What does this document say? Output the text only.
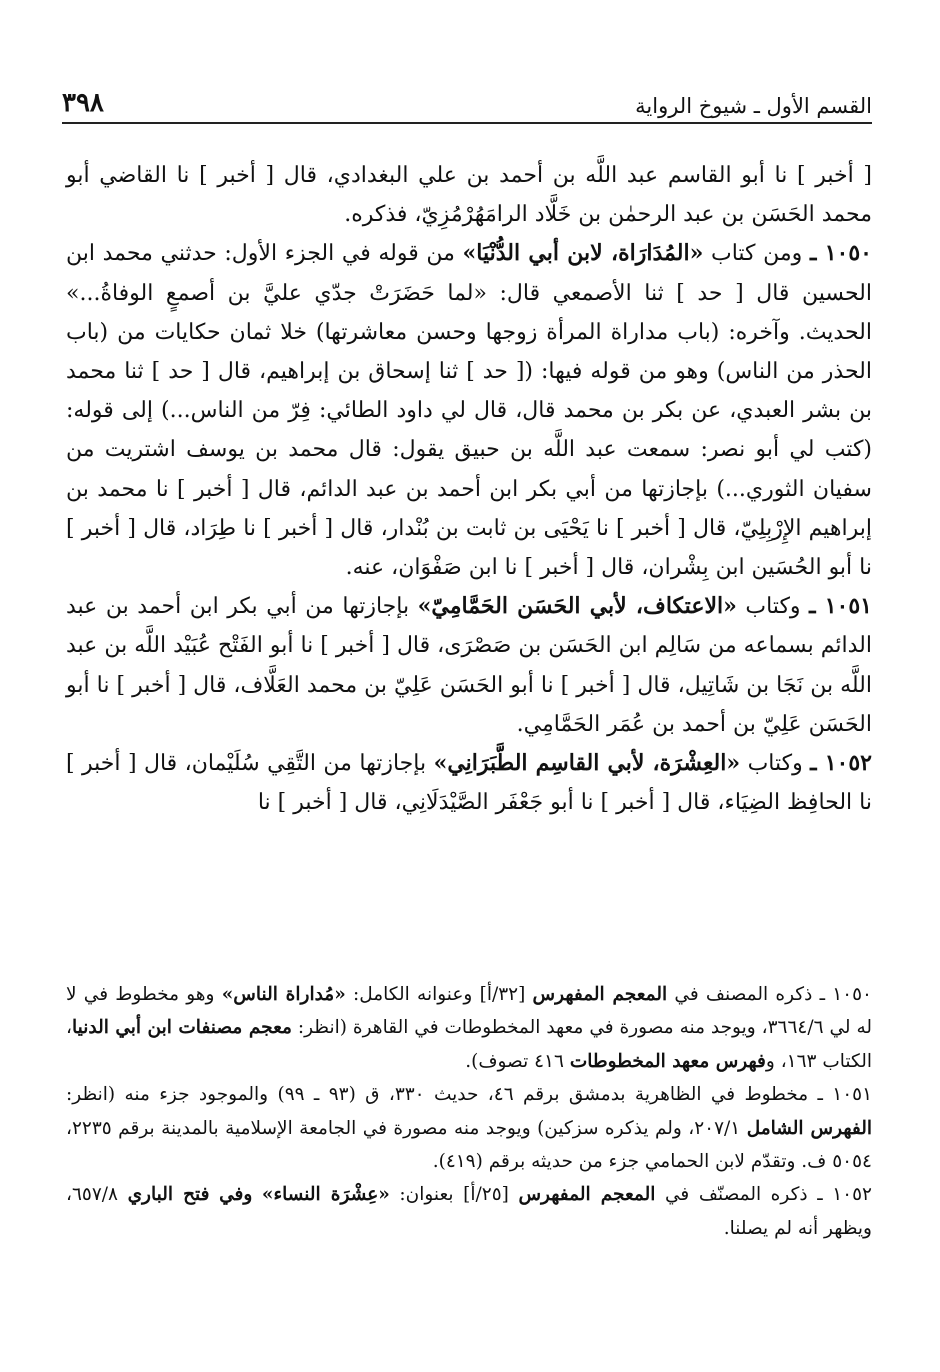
القسم الأول ـ شيوخ الرواية
٣٩٨

[ أخبر ] نا أبو القاسم عبد اللَّه بن أحمد بن علي البغدادي، قال [ أخبر ] نا القاضي أبو محمد الحَسَن بن عبد الرحمٰن بن خَلَّاد الرامَهُرْمُزِيّ، فذكره.

١٠٥٠ ـ ومن كتاب «المُدَارَاة، لابن أبي الدُّنْيَا» من قوله في الجزء الأول: حدثني محمد ابن الحسين قال [ حد ] ثنا الأصمعي قال: «لما حَضَرَتْ جدّي عليَّ بن أصمعٍ الوفاةُ...» الحديث. وآخره: (باب مداراة المرأة زوجها وحسن معاشرتها) خلا ثمان حكايات من (باب الحذر من الناس) وهو من قوله فيها: ([ حد ] ثنا إسحاق بن إبراهيم، قال [ حد ] ثنا محمد بن بشر العبدي، عن بكر بن محمد قال، قال لي داود الطائي: فِرّ من الناس...) إلى قوله: (كتب لي أبو نصر: سمعت عبد اللَّه بن حبيق يقول: قال محمد بن يوسف اشتريت من سفيان الثوري...) بإجازتها من أبي بكر ابن أحمد بن عبد الدائم، قال [ أخبر ] نا محمد بن إبراهيم الإِرْبِلِيّ، قال [ أخبر ] نا يَحْيَى بن ثابت بن بُنْدار، قال [ أخبر ] نا طِرَاد، قال [ أخبر ] نا أبو الحُسَين ابن بِشْران، قال [ أخبر ] نا ابن صَفْوَان، عنه.

١٠٥١ ـ وكتاب «الاعتكاف، لأبي الحَسَن الحَمَّامِيّ» بإجازتها من أبي بكر ابن أحمد بن عبد الدائم بسماعه من سَالِم ابن الحَسَن بن صَصْرَى، قال [ أخبر ] نا أبو الفَتْح عُبَيْد اللَّه بن عبد اللَّه بن نَجَا بن شَاتِيل، قال [ أخبر ] نا أبو الحَسَن عَلِيّ بن محمد العَلَّاف، قال [ أخبر ] نا أبو الحَسَن عَلِيّ بن أحمد بن عُمَر الحَمَّامِي.

١٠٥٢ ـ وكتاب «العِشْرَة، لأبي القاسِم الطَّبَرَانِي» بإجازتها من التَّقِي سُلَيْمان، قال [ أخبر ] نا الحافِظ الضِيَاء، قال [ أخبر ] نا أبو جَعْفَر الصَّيْدَلَانِي، قال [ أخبر ] نا

١٠٥٠ ـ ذكره المصنف في المعجم المفهرس [٣٢/أ] وعنوانه الكامل: «مُداراة الناس» وهو مخطوط في لا له لي ٣٦٦٤/٦، ويوجد منه مصورة في معهد المخطوطات في القاهرة (انظر: معجم مصنفات ابن أبي الدنيا، الكتاب ١٦٣، وفهرس معهد المخطوطات ٤١٦ تصوف).

١٠٥١ ـ مخطوط في الظاهرية بدمشق برقم ٤٦، حديث ٣٣٠، ق (٩٣ ـ ٩٩) والموجود جزء منه (انظر: الفهرس الشامل ٢٠٧/١، ولم يذكره سزكين) ويوجد منه مصورة في الجامعة الإسلامية بالمدينة برقم ٢٢٣٥، ٥٠٥٤ ف. وتقدّم لابن الحمامي جزء من حديثه برقم (٤١٩).

١٠٥٢ ـ ذكره المصنّف في المعجم المفهرس [٢٥/أ] بعنوان: «عِشْرَة النساء» وفي فتح الباري ٦٥٧/٨، ويظهر أنه لم يصلنا.
